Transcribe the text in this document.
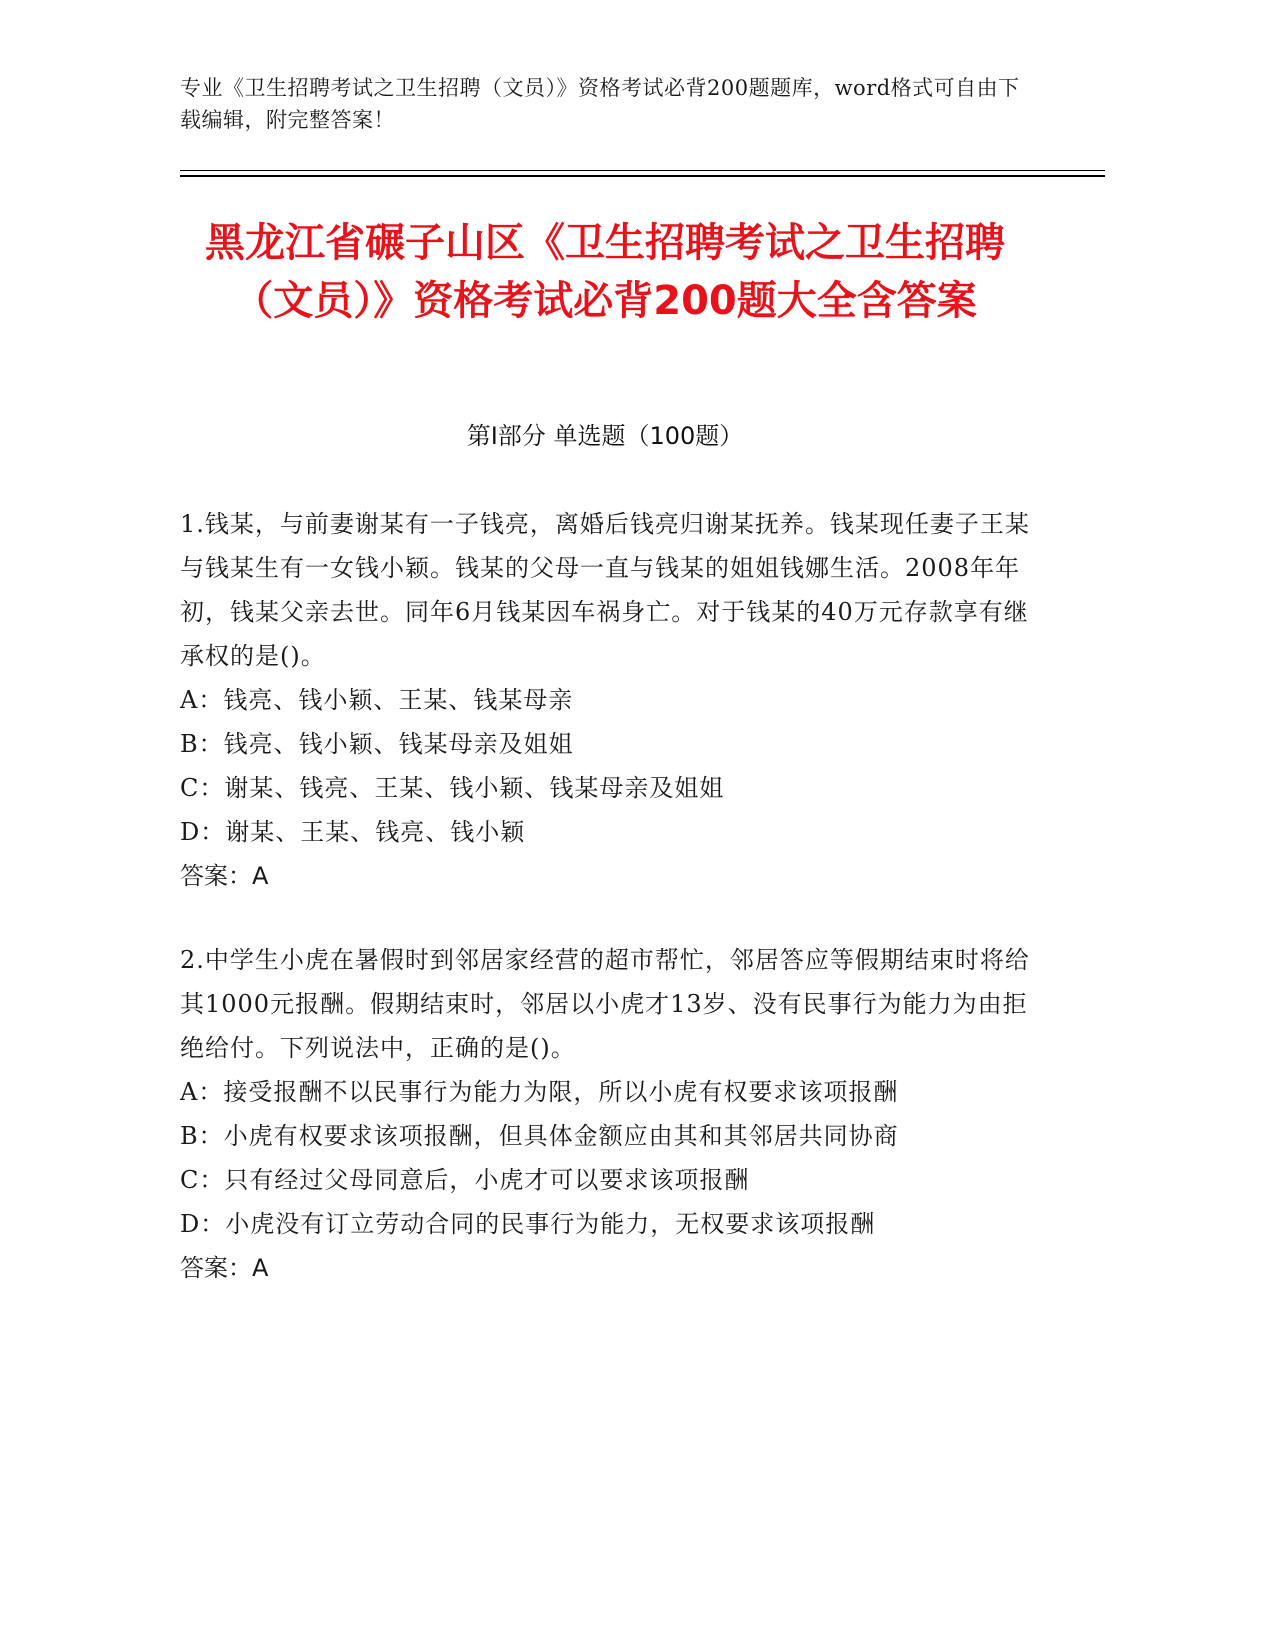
专业《卫生招聘考试之卫生招聘（文员）》资格考试必背200题题库，word格式可自由下载编辑，附完整答案！
黑龙江省碾子山区《卫生招聘考试之卫生招聘（文员）》资格考试必背200题大全含答案
第Ⅰ部分 单选题（100题）

1.钱某，与前妻谢某有一子钱亮，离婚后钱亮归谢某抚养。钱某现任妻子王某与钱某生有一女钱小颖。钱某的父母一直与钱某的姐姐钱娜生活。2008年年初，钱某父亲去世。同年6月钱某因车祸身亡。对于钱某的40万元存款享有继承权的是()。

A：钱亮、钱小颖、王某、钱某母亲

B：钱亮、钱小颖、钱某母亲及姐姐

C：谢某、钱亮、王某、钱小颖、钱某母亲及姐姐

D：谢某、王某、钱亮、钱小颖

答案：A

2.中学生小虎在暑假时到邻居家经营的超市帮忙，邻居答应等假期结束时将给其1000元报酬。假期结束时，邻居以小虎才13岁、没有民事行为能力为由拒绝给付。下列说法中，正确的是()。

A：接受报酬不以民事行为能力为限，所以小虎有权要求该项报酬

B：小虎有权要求该项报酬，但具体金额应由其和其邻居共同协商

C：只有经过父母同意后，小虎才可以要求该项报酬

D：小虎没有订立劳动合同的民事行为能力，无权要求该项报酬

答案：A
